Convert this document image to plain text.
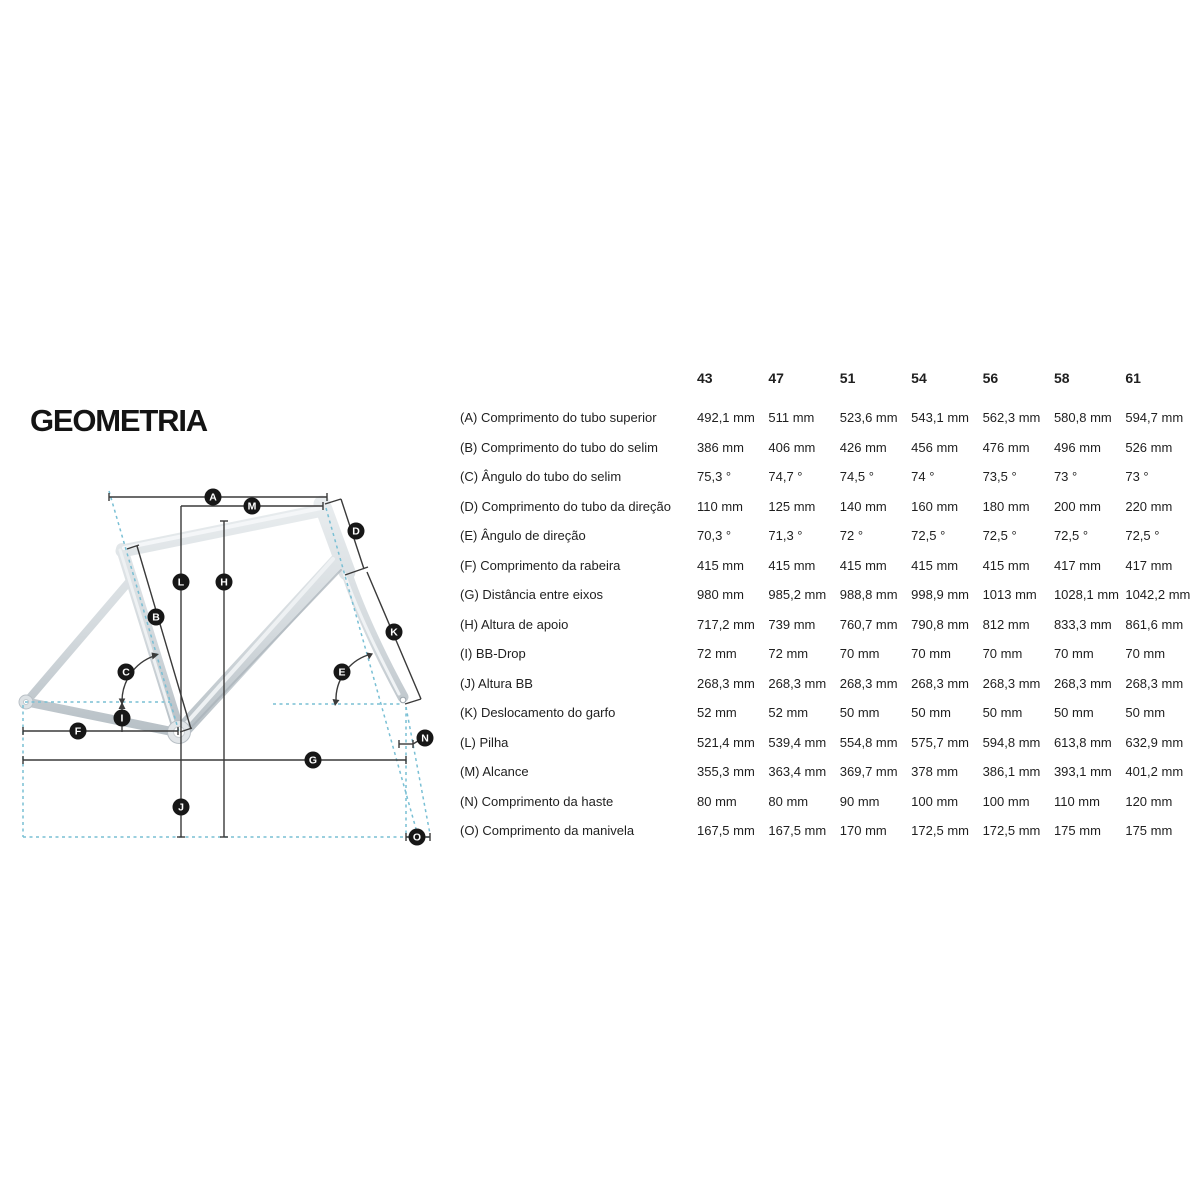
GEOMETRIA
A
B
C
D
E
F
G
H
I
J
K
L
M
N
O
43	47	51	54	56	58	61
(A) Comprimento do tubo superior	492,1 mm	511 mm	523,6 mm	543,1 mm	562,3 mm	580,8 mm	594,7 mm
(B) Comprimento do tubo do selim	386 mm	406 mm	426 mm	456 mm	476 mm	496 mm	526 mm
(C) Ângulo do tubo do selim	75,3 °	74,7 °	74,5 °	74 °	73,5 °	73 °	73 °
(D) Comprimento do tubo da direção	110 mm	125 mm	140 mm	160 mm	180 mm	200 mm	220 mm
(E) Ângulo de direção	70,3 °	71,3 °	72 °	72,5 °	72,5 °	72,5 °	72,5 °
(F) Comprimento da rabeira	415 mm	415 mm	415 mm	415 mm	415 mm	417 mm	417 mm
(G) Distância entre eixos	980 mm	985,2 mm	988,8 mm	998,9 mm	1013 mm	1028,1 mm 1042,2 mm
(H) Altura de apoio	717,2 mm	739 mm	760,7 mm	790,8 mm	812 mm	833,3 mm	861,6 mm
(I) BB-Drop	72 mm	72 mm	70 mm	70 mm	70 mm	70 mm	70 mm
(J) Altura BB	268,3 mm	268,3 mm	268,3 mm	268,3 mm	268,3 mm	268,3 mm	268,3 mm
(K) Deslocamento do garfo	52 mm	52 mm	50 mm	50 mm	50 mm	50 mm	50 mm
(L) Pilha	521,4 mm	539,4 mm	554,8 mm	575,7 mm	594,8 mm	613,8 mm	632,9 mm
(M) Alcance	355,3 mm	363,4 mm	369,7 mm	378 mm	386,1 mm	393,1 mm	401,2 mm
(N) Comprimento da haste	80 mm	80 mm	90 mm	100 mm	100 mm	110 mm	120 mm
(O) Comprimento da manivela	167,5 mm	167,5 mm	170 mm	172,5 mm	172,5 mm	175 mm	175 mm
